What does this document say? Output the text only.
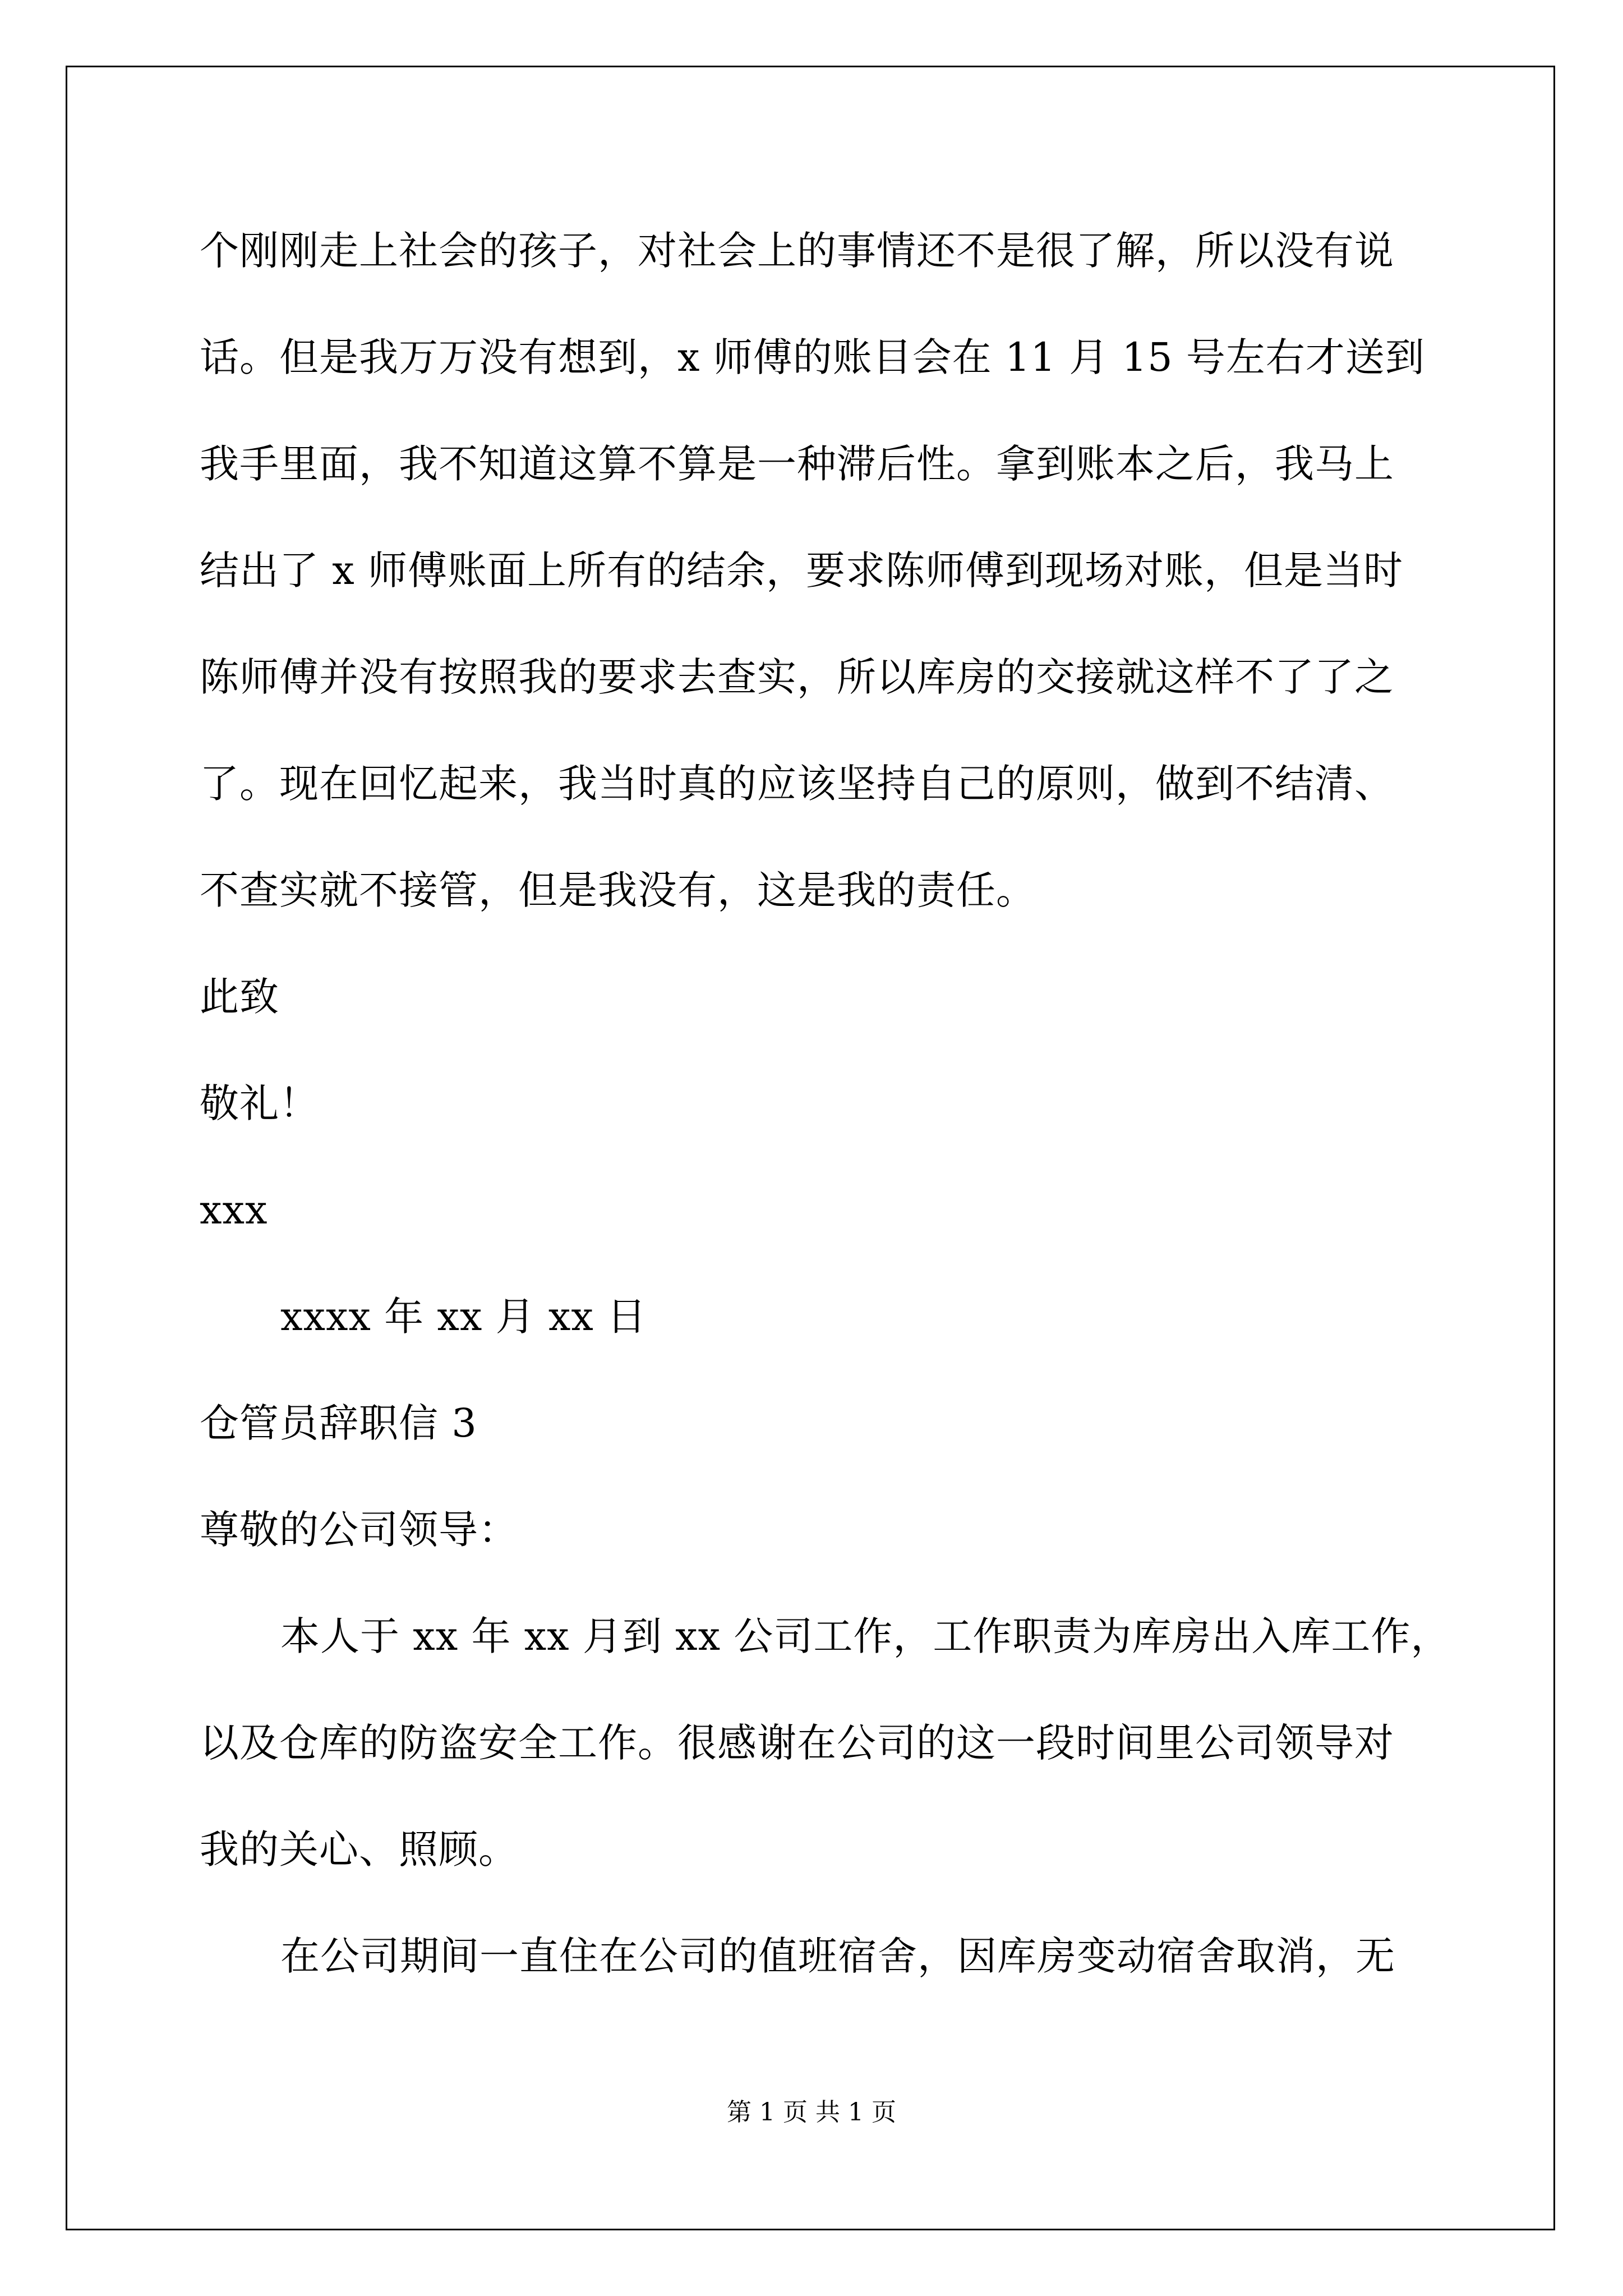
个刚刚走上社会的孩子，对社会上的事情还不是很了解，所以没有说
话。但是我万万没有想到，x 师傅的账目会在 11 月 15 号左右才送到
我手里面，我不知道这算不算是一种滞后性。拿到账本之后，我马上
结出了 x 师傅账面上所有的结余，要求陈师傅到现场对账，但是当时
陈师傅并没有按照我的要求去查实，所以库房的交接就这样不了了之
了。现在回忆起来，我当时真的应该坚持自己的原则，做到不结清、
不查实就不接管，但是我没有，这是我的责任。
此致
敬礼！
xxx
xxxx 年 xx 月 xx 日
仓管员辞职信 3
尊敬的公司领导：
本人于 xx 年 xx 月到 xx 公司工作，工作职责为库房出入库工作，
以及仓库的防盗安全工作。很感谢在公司的这一段时间里公司领导对
我的关心、照顾。
在公司期间一直住在公司的值班宿舍，因库房变动宿舍取消，无
第 1 页 共 1 页
